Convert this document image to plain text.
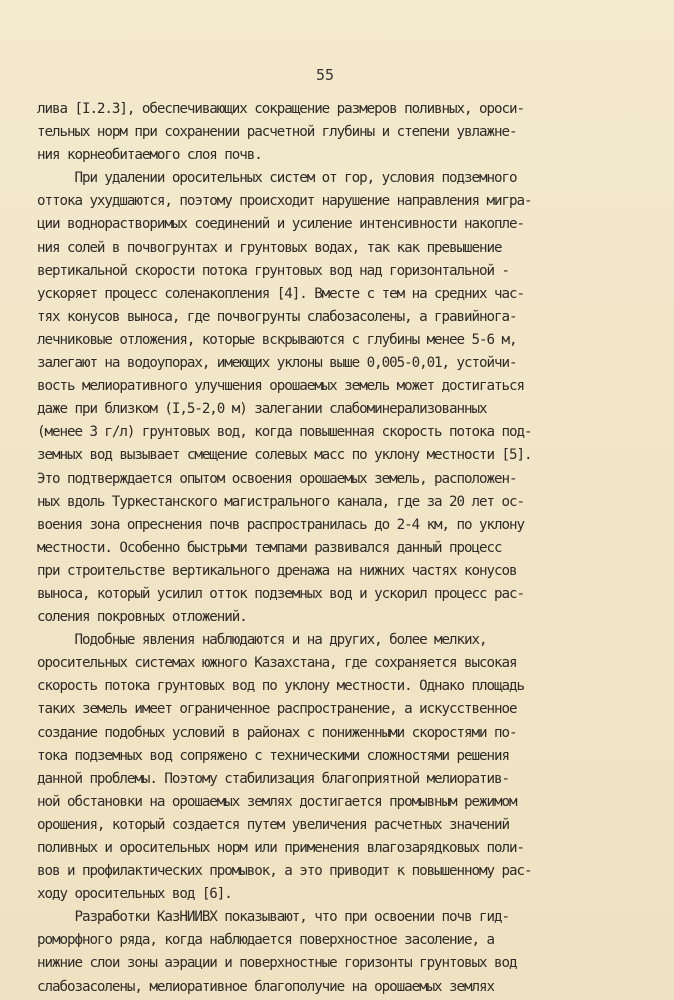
55
лива [I.2.3], обеспечивающих сокращение размеров поливных, ороси-
тельных норм при сохранении расчетной глубины и степени увлажне-
ния корнеобитаемого слоя почв.
При удалении оросительных систем от гор, условия подземного
оттока ухудшаются, поэтому происходит нарушение направления мигра-
ции воднорастворимых соединений и усиление интенсивности накопле-
ния солей в почвогрунтах и грунтовых водах, так как превышение
вертикальной скорости потока грунтовых вод над горизонтальной -
ускоряет процесс соленакопления [4]. Вместе с тем на средних час-
тях конусов выноса, где почвогрунты слабозасолены, а гравийнога-
лечниковые отложения, которые вскрываются с глубины менее 5-6 м,
залегают на водоупорах, имеющих уклоны выше 0,005-0,01, устойчи-
вость мелиоративного улучшения орошаемых земель может достигаться
даже при близком (I,5-2,0 м) залегании слабоминерализованных
(менее 3 г/л) грунтовых вод, когда повышенная скорость потока под-
земных вод вызывает смещение солевых масс по уклону местности [5].
Это подтверждается опытом освоения орошаемых земель, расположен-
ных вдоль Туркестанского магистрального канала, где за 20 лет ос-
воения зона опреснения почв распространилась до 2-4 км, по уклону
местности. Особенно быстрыми темпами развивался данный процесс
при строительстве вертикального дренажа на нижних частях конусов
выноса, который усилил отток подземных вод и ускорил процесс рас-
соления покровных отложений.
Подобные явления наблюдаются и на других, более мелких,
оросительных системах южного Казахстана, где сохраняется высокая
скорость потока грунтовых вод по уклону местности. Однако площадь
таких земель имеет ограниченное распространение, а искусственное
создание подобных условий в районах с пониженными скоростями по-
тока подземных вод сопряжено с техническими сложностями решения
данной проблемы. Поэтому стабилизация благоприятной мелиоратив-
ной обстановки на орошаемых землях достигается промывным режимом
орошения, который создается путем увеличения расчетных значений
поливных и оросительных норм или применения влагозарядковых поли-
вов и профилактических промывок, а это приводит к повышенному рас-
ходу оросительных вод [6].
Разработки КазНИИВХ показывают, что при освоении почв гид-
роморфного ряда, когда наблюдается поверхностное засоление, а
нижние слои зоны аэрации и поверхностные горизонты грунтовых вод
слабозасолены, мелиоративное благополучие на орошаемых землях
